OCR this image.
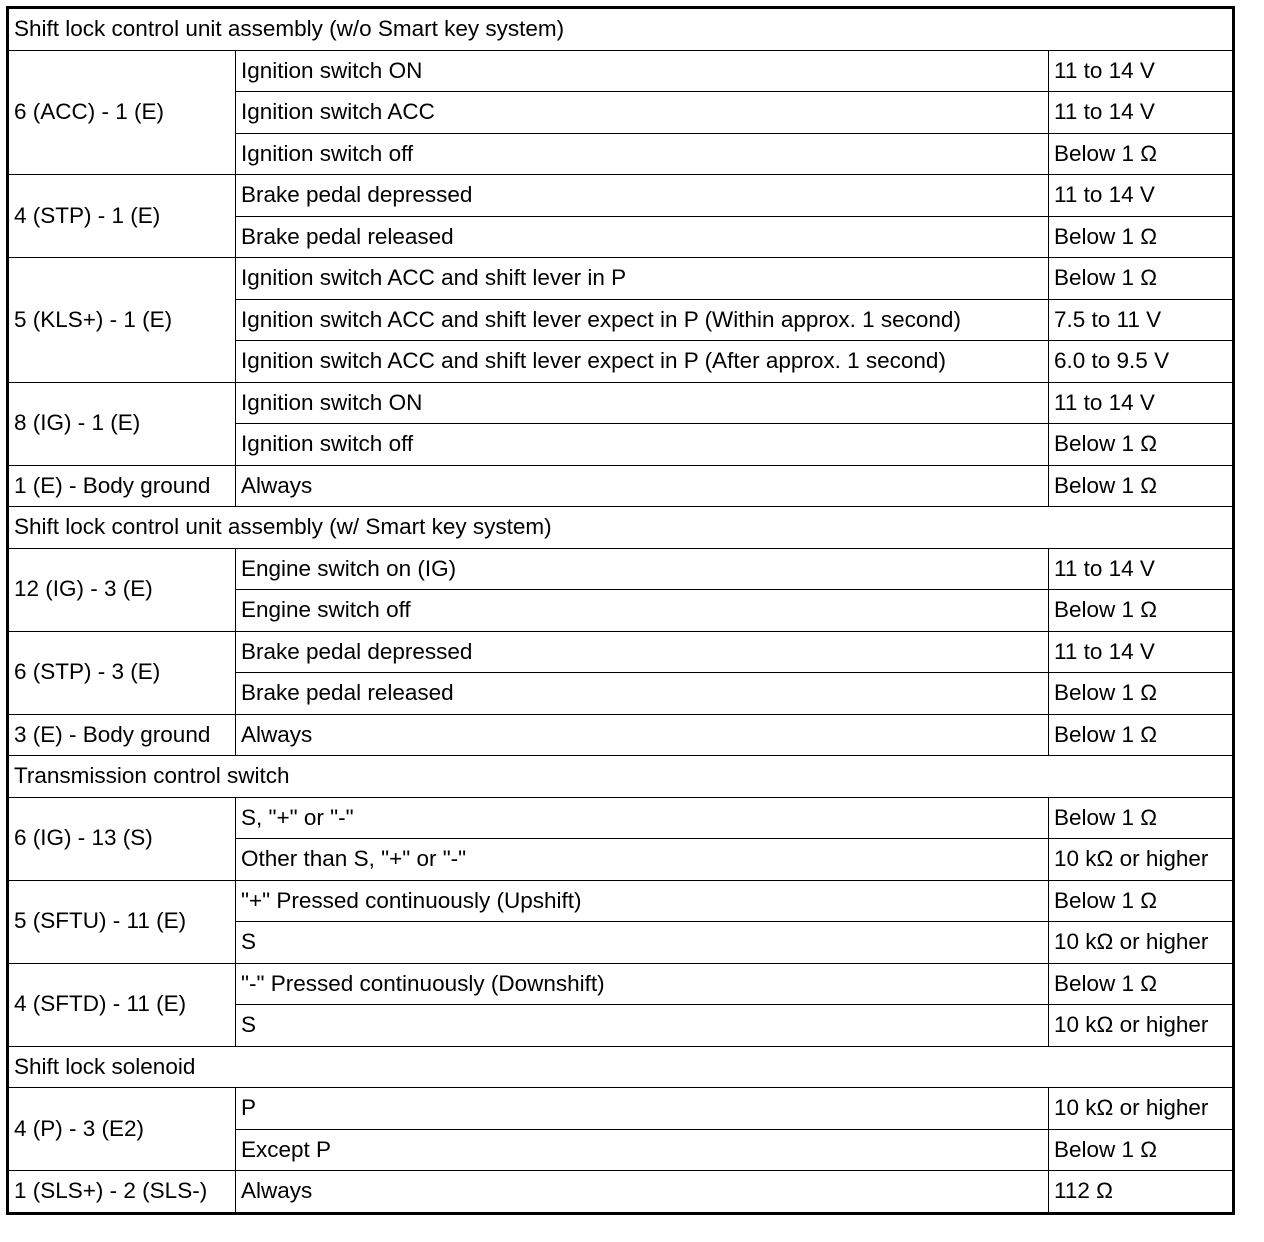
Shift lock control unit assembly (w/o Smart key system)		
6 (ACC) - 1 (E)	Ignition switch ON	11 to 14 V
	Ignition switch ACC	11 to 14 V
	Ignition switch off	Below 1 Ω
4 (STP) - 1 (E)	Brake pedal depressed	11 to 14 V
	Brake pedal released	Below 1 Ω
5 (KLS+) - 1 (E)	Ignition switch ACC and shift lever in P	Below 1 Ω
	Ignition switch ACC and shift lever expect in P (Within approx. 1 second)	7.5 to 11 V
	Ignition switch ACC and shift lever expect in P (After approx. 1 second)	6.0 to 9.5 V
8 (IG) - 1 (E)	Ignition switch ON	11 to 14 V
	Ignition switch off	Below 1 Ω
1 (E) - Body ground	Always	Below 1 Ω
Shift lock control unit assembly (w/ Smart key system)		
12 (IG) - 3 (E)	Engine switch on (IG)	11 to 14 V
	Engine switch off	Below 1 Ω
6 (STP) - 3 (E)	Brake pedal depressed	11 to 14 V
	Brake pedal released	Below 1 Ω
3 (E) - Body ground	Always	Below 1 Ω
Transmission control switch		
6 (IG) - 13 (S)	S, "+" or "-"	Below 1 Ω
	Other than S, "+" or "-"	10 kΩ or higher
5 (SFTU) - 11 (E)	"+" Pressed continuously (Upshift)	Below 1 Ω
	S	10 kΩ or higher
4 (SFTD) - 11 (E)	"-" Pressed continuously (Downshift)	Below 1 Ω
	S	10 kΩ or higher
Shift lock solenoid		
4 (P) - 3 (E2)	P	10 kΩ or higher
	Except P	Below 1 Ω
1 (SLS+) - 2 (SLS-)	Always	112 Ω
